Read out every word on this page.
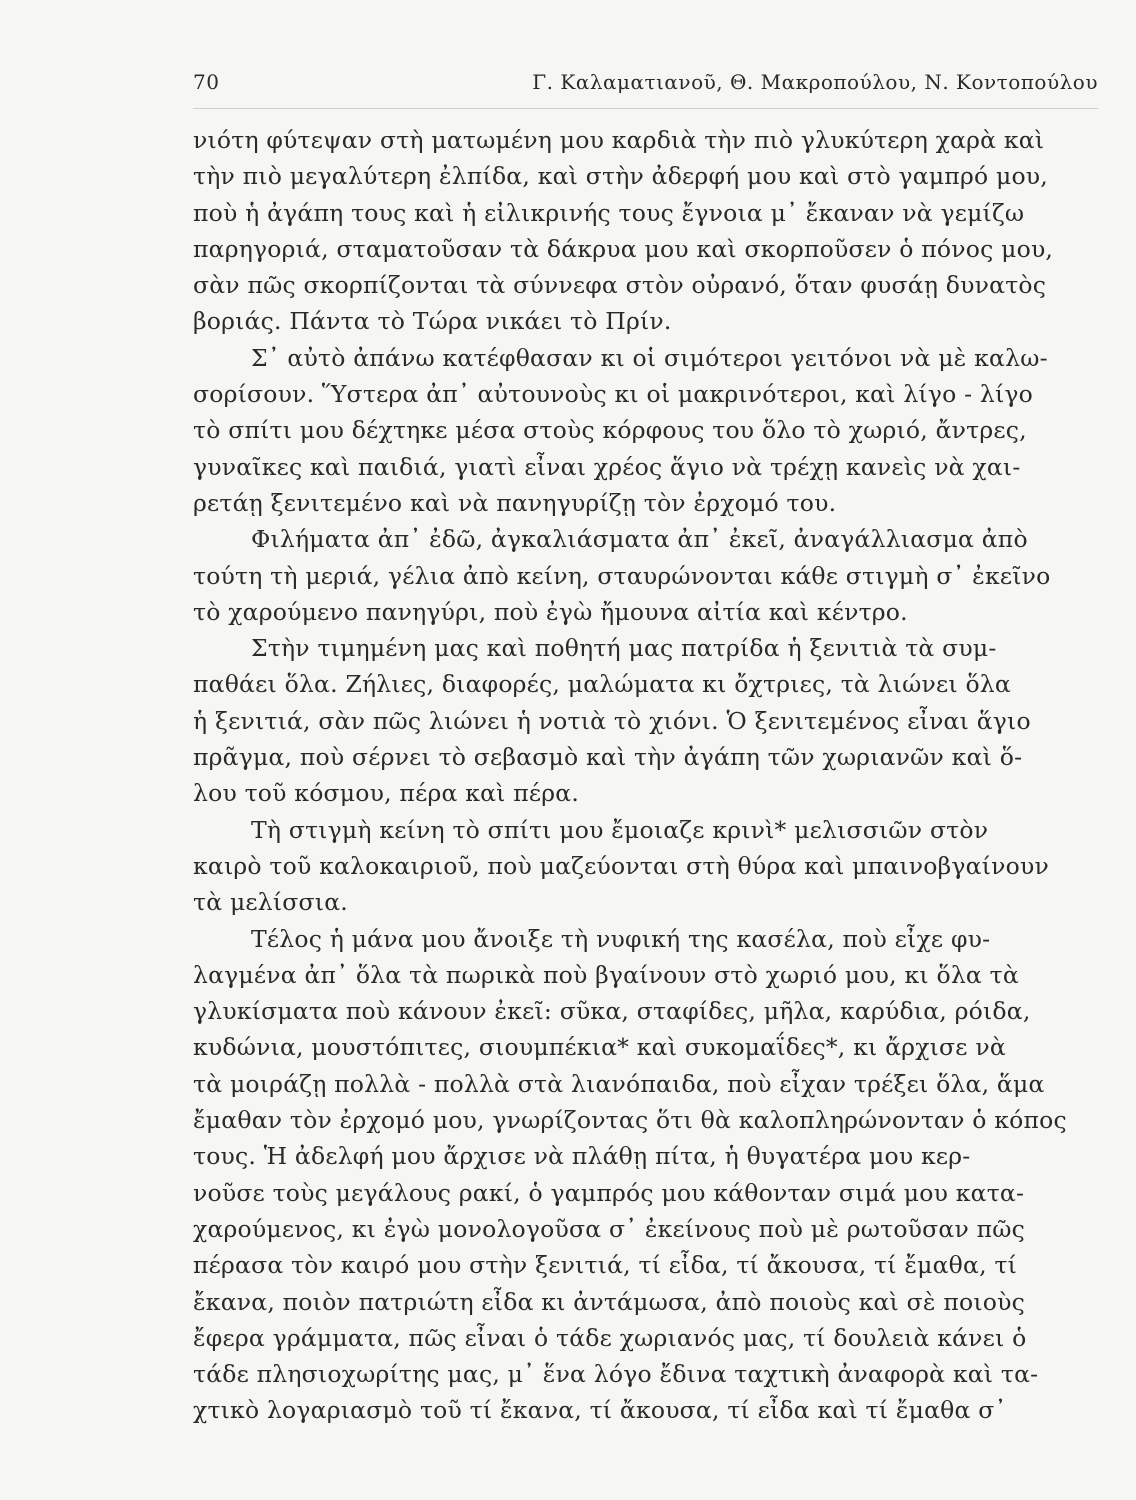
70	Γ. Καλαματιανοῦ, Θ. Μακροπούλου, Ν. Κοντοπούλου
νιότη φύτεψαν στὴ ματωμένη μου καρδιὰ τὴν πιὸ γλυκύτερη χαρὰ καὶ
τὴν πιὸ μεγαλύτερη ἐλπίδα, καὶ στὴν ἀδερφή μου καὶ στὸ γαμπρό μου,
ποὺ ἡ ἀγάπη τους καὶ ἡ εἰλικρινής τους ἔγνοια μ᾿ ἔκαναν νὰ γεμίζω
παρηγοριά, σταματοῦσαν τὰ δάκρυα μου καὶ σκορποῦσεν ὁ πόνος μου,
σὰν πῶς σκορπίζονται τὰ σύννεφα στὸν οὐρανό, ὅταν φυσάῃ δυνατὸς
βοριάς. Πάντα τὸ Τώρα νικάει τὸ Πρίν.
Σ᾿ αὐτὸ ἀπάνω κατέφθασαν κι οἱ σιμότεροι γειτόνοι νὰ μὲ καλω-
σορίσουν. Ὕστερα ἀπ᾿ αὐτουνοὺς κι οἱ μακρινότεροι, καὶ λίγο - λίγο
τὸ σπίτι μου δέχτηκε μέσα στοὺς κόρφους του ὅλο τὸ χωριό, ἄντρες,
γυναῖκες καὶ παιδιά, γιατὶ εἶναι χρέος ἅγιο νὰ τρέχῃ κανεὶς νὰ χαι-
ρετάῃ ξενιτεμένο καὶ νὰ πανηγυρίζῃ τὸν ἐρχομό του.
Φιλήματα ἀπ᾿ ἐδῶ, ἀγκαλιάσματα ἀπ᾿ ἐκεῖ, ἀναγάλλιασμα ἀπὸ
τούτη τὴ μεριά, γέλια ἀπὸ κείνη, σταυρώνονται κάθε στιγμὴ σ᾿ ἐκεῖνο
τὸ χαρούμενο πανηγύρι, ποὺ ἐγὼ ἤμουνα αἰτία καὶ κέντρο.
Στὴν τιμημένη μας καὶ ποθητή μας πατρίδα ἡ ξενιτιὰ τὰ συμ-
παθάει ὅλα. Ζήλιες, διαφορές, μαλώματα κι ὄχτριες, τὰ λιώνει ὅλα
ἡ ξενιτιά, σὰν πῶς λιώνει ἡ νοτιὰ τὸ χιόνι. Ὁ ξενιτεμένος εἶναι ἅγιο
πρᾶγμα, ποὺ σέρνει τὸ σεβασμὸ καὶ τὴν ἀγάπη τῶν χωριανῶν καὶ ὅ-
λου τοῦ κόσμου, πέρα καὶ πέρα.
Τὴ στιγμὴ κείνη τὸ σπίτι μου ἔμοιαζε κρινὶ* μελισσιῶν στὸν
καιρὸ τοῦ καλοκαιριοῦ, ποὺ μαζεύονται στὴ θύρα καὶ μπαινοβγαίνουν
τὰ μελίσσια.
Τέλος ἡ μάνα μου ἄνοιξε τὴ νυφική της κασέλα, ποὺ εἶχε φυ-
λαγμένα ἀπ᾿ ὅλα τὰ πωρικὰ ποὺ βγαίνουν στὸ χωριό μου, κι ὅλα τὰ
γλυκίσματα ποὺ κάνουν ἐκεῖ: σῦκα, σταφίδες, μῆλα, καρύδια, ρόιδα,
κυδώνια, μουστόπιτες, σιουμπέκια* καὶ συκομαΐδες*, κι ἄρχισε νὰ
τὰ μοιράζῃ πολλὰ - πολλὰ στὰ λιανόπαιδα, ποὺ εἶχαν τρέξει ὅλα, ἅμα
ἔμαθαν τὸν ἐρχομό μου, γνωρίζοντας ὅτι θὰ καλοπληρώνονταν ὁ κόπος
τους. Ἡ ἀδελφή μου ἄρχισε νὰ πλάθῃ πίτα, ἡ θυγατέρα μου κερ-
νοῦσε τοὺς μεγάλους ρακί, ὁ γαμπρός μου κάθονταν σιμά μου κατα-
χαρούμενος, κι ἐγὼ μονολογοῦσα σ᾿ ἐκείνους ποὺ μὲ ρωτοῦσαν πῶς
πέρασα τὸν καιρό μου στὴν ξενιτιά, τί εἶδα, τί ἄκουσα, τί ἔμαθα, τί
ἔκανα, ποιὸν πατριώτη εἶδα κι ἀντάμωσα, ἀπὸ ποιοὺς καὶ σὲ ποιοὺς
ἔφερα γράμματα, πῶς εἶναι ὁ τάδε χωριανός μας, τί δουλειὰ κάνει ὁ
τάδε πλησιοχωρίτης μας, μ᾿ ἕνα λόγο ἔδινα ταχτικὴ ἀναφορὰ καὶ τα-
χτικὸ λογαριασμὸ τοῦ τί ἔκανα, τί ἄκουσα, τί εἶδα καὶ τί ἔμαθα σ᾿
